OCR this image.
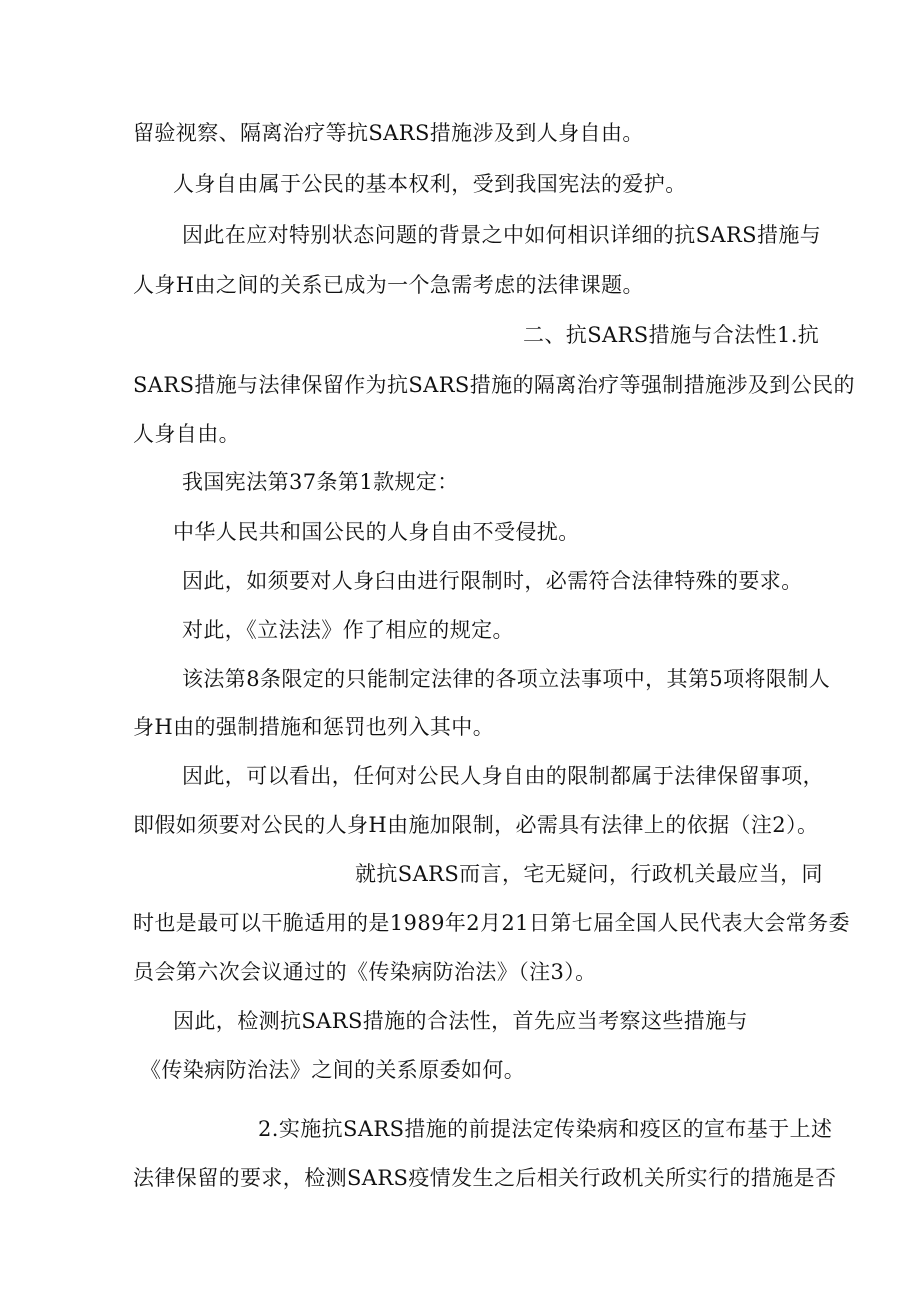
留验视察、隔离治疗等抗SARS措施涉及到人身自由。
人身自由属于公民的基本权利，受到我国宪法的爱护。
因此在应对特别状态问题的背景之中如何相识详细的抗SARS措施与
人身H由之间的关系已成为一个急需考虑的法律课题。
二、抗SARS措施与合法性1.抗
SARS措施与法律保留作为抗SARS措施的隔离治疗等强制措施涉及到公民的
人身自由。
我国宪法第37条第1款规定：
中华人民共和国公民的人身自由不受侵扰。
因此，如须要对人身臼由进行限制时，必需符合法律特殊的要求。
对此，《立法法》作了相应的规定。
该法第8条限定的只能制定法律的各项立法事项中，其第5项将限制人
身H由的强制措施和惩罚也列入其中。
因此，可以看出，任何对公民人身自由的限制都属于法律保留事项，
即假如须要对公民的人身H由施加限制，必需具有法律上的依据（注2）。
就抗SARS而言，宅无疑问，行政机关最应当，同
时也是最可以干脆适用的是1989年2月21日第七届全国人民代表大会常务委
员会第六次会议通过的《传染病防治法》（注3）。
因此，检测抗SARS措施的合法性，首先应当考察这些措施与
《传染病防治法》之间的关系原委如何。
2.实施抗SARS措施的前提法定传染病和疫区的宣布基于上述
法律保留的要求，检测SARS疫情发生之后相关行政机关所实行的措施是否
